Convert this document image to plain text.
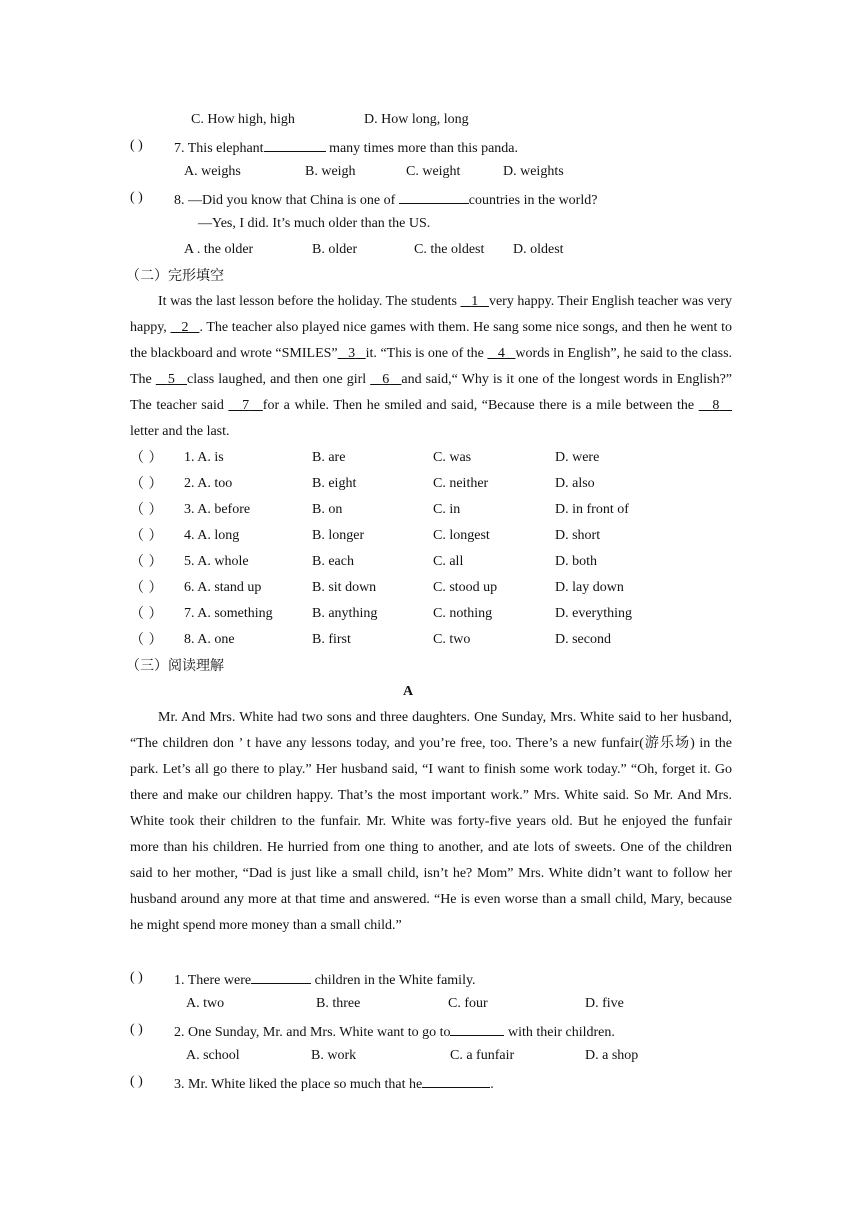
C. How high, high	D. How long, long
( ) 7. This elephant	many times more than this panda.
A. weighs	B. weigh	C. weight	D. weights
( ) 8. —Did you know that China is one of	countries in the world?
—Yes, I did. It’s much older than the US.
A . the older	B. older	C. the oldest D. oldest
（二）完形填空

It was the last lesson before the holiday. The students    1 very happy. Their English teacher was very happy,    2 . The teacher also played nice games with them. He sang some nice songs, and then he went to the blackboard and wrote “SMILES” 3 it. “This is one of the    4 words in English”, he said to the class. The    5 class laughed, and then one girl    6 and said,“ Why is it one of the longest words in English?” The teacher said    7 for a while. Then he smiled and said, “Because there is a mile between the    8    letter and the last.

（ ） 1. A. is	B. are	C. was	D. were
（ ） 2. A. too	B. eight	C. neither	D. also
（ ） 3. A. before	B. on	C. in	D. in front of
（ ） 4. A. long	B. longer	C. longest	D. short
（ ） 5. A. whole	B. each	C. all	D. both
（ ） 6. A. stand up	B. sit down	C. stood up	D. lay down
（ ） 7. A. something	B. anything	C. nothing	D. everything
（ ） 8. A. one	B. first	C. two	D. second
（三）阅读理解
A

Mr. And Mrs. White had two sons and three daughters. One Sunday, Mrs. White said to her husband, “The children don ’ t have any lessons today, and you’re free, too. There’s a new funfair(游乐场) in the park. Let’s all go there to play.” Her husband said, “I want to finish some work today.” “Oh, forget it. Go there and make our children happy. That’s the most important work.” Mrs. White said. So Mr. And Mrs. White took their children to the funfair. Mr. White was forty-five years old. But he enjoyed the funfair more than his children. He hurried from one thing to another, and ate lots of sweets. One of the children said to her mother, “Dad is just like a small child, isn’t he? Mom” Mrs. White didn’t want to follow her husband around any more at that time and answered. “He is even worse than a small child, Mary, because he might spend more money than a small child.”

( ) 1. There were	children in the White family.
A. two	B. three	C. four	D. five
( ) 2. One Sunday, Mr. and Mrs. White want to go to	with their children.
A. school	B. work	C. a funfair	D. a shop
( ) 3. Mr. White liked the place so much that he	.
